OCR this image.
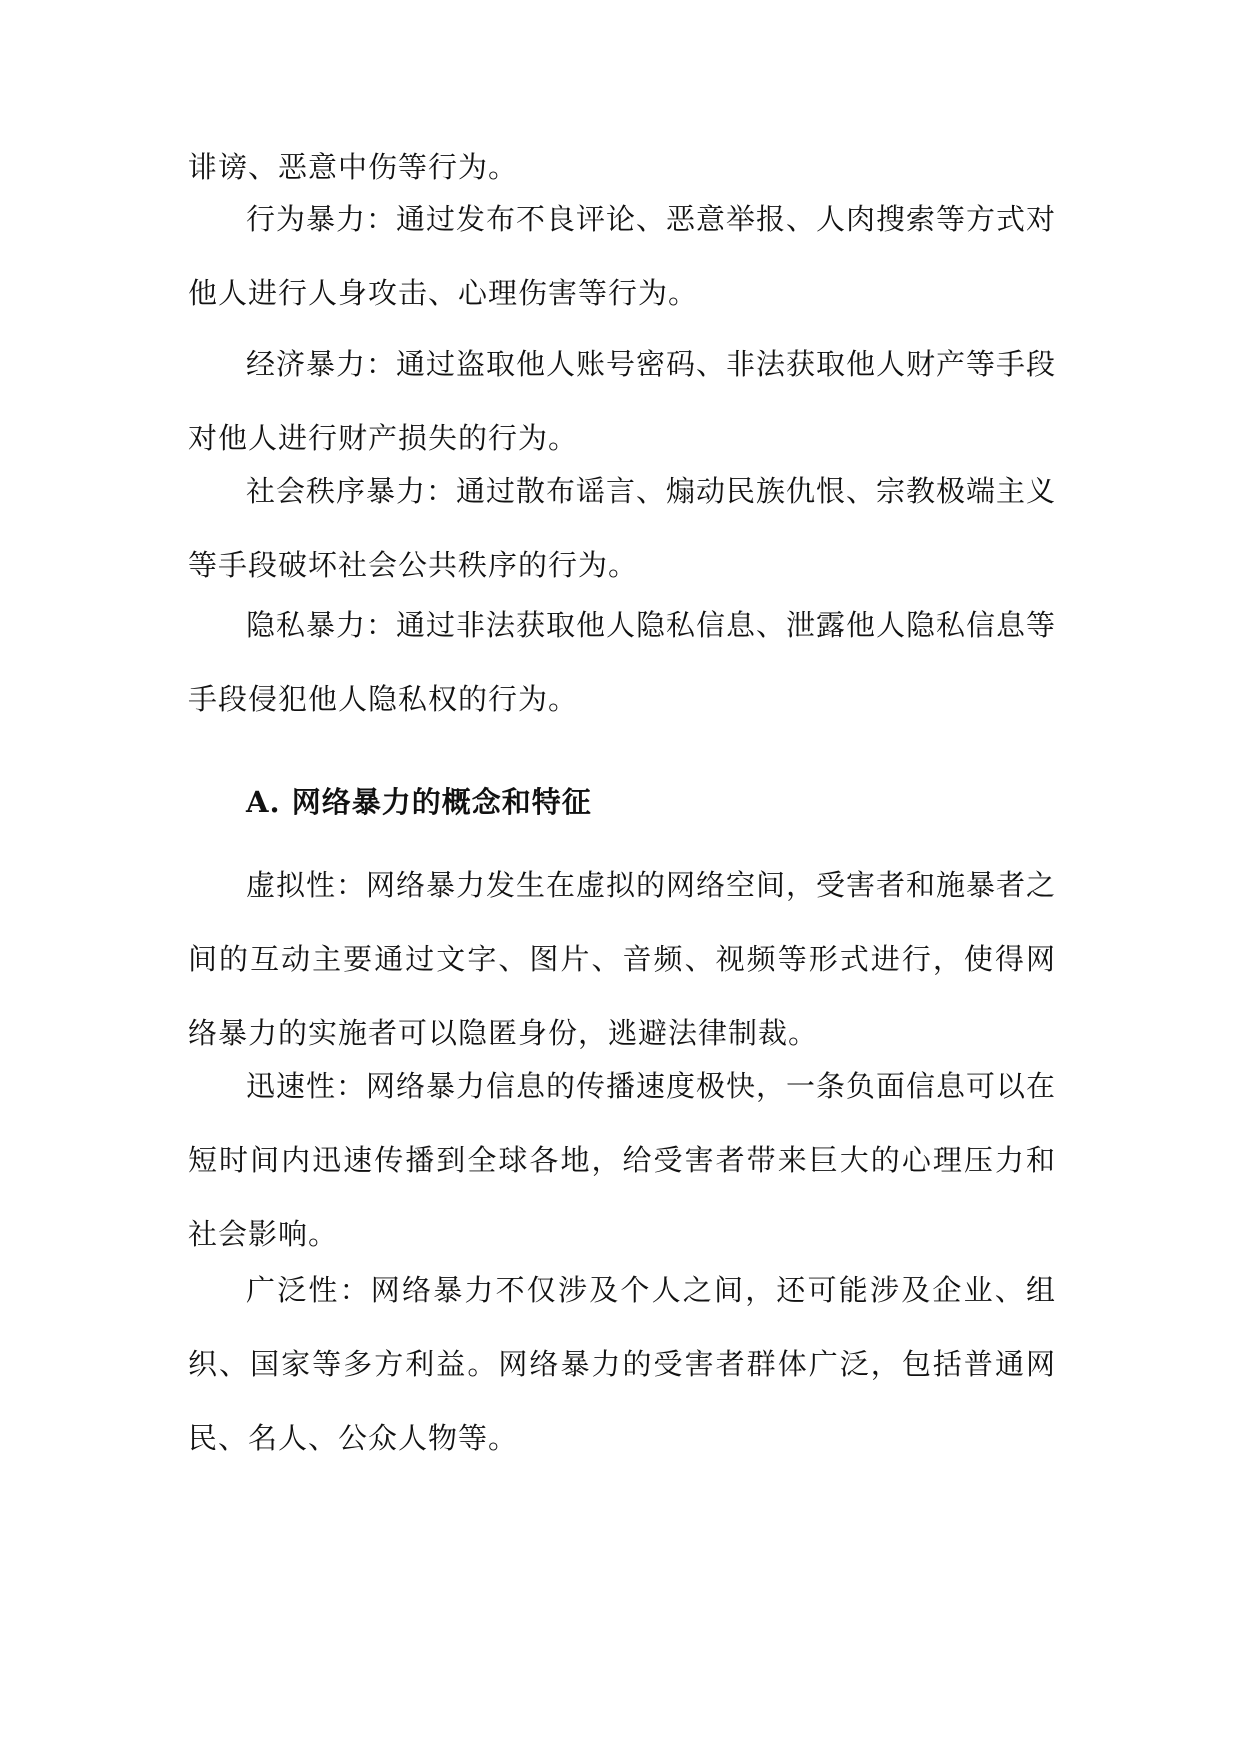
诽谤、恶意中伤等行为。

行为暴力：通过发布不良评论、恶意举报、人肉搜索等方式对他人进行人身攻击、心理伤害等行为。

经济暴力：通过盗取他人账号密码、非法获取他人财产等手段对他人进行财产损失的行为。

社会秩序暴力：通过散布谣言、煽动民族仇恨、宗教极端主义等手段破坏社会公共秩序的行为。

隐私暴力：通过非法获取他人隐私信息、泄露他人隐私信息等手段侵犯他人隐私权的行为。

A. 网络暴力的概念和特征

虚拟性：网络暴力发生在虚拟的网络空间，受害者和施暴者之间的互动主要通过文字、图片、音频、视频等形式进行，使得网络暴力的实施者可以隐匿身份，逃避法律制裁。

迅速性：网络暴力信息的传播速度极快，一条负面信息可以在短时间内迅速传播到全球各地，给受害者带来巨大的心理压力和社会影响。

广泛性：网络暴力不仅涉及个人之间，还可能涉及企业、组织、国家等多方利益。网络暴力的受害者群体广泛，包括普通网民、名人、公众人物等。
